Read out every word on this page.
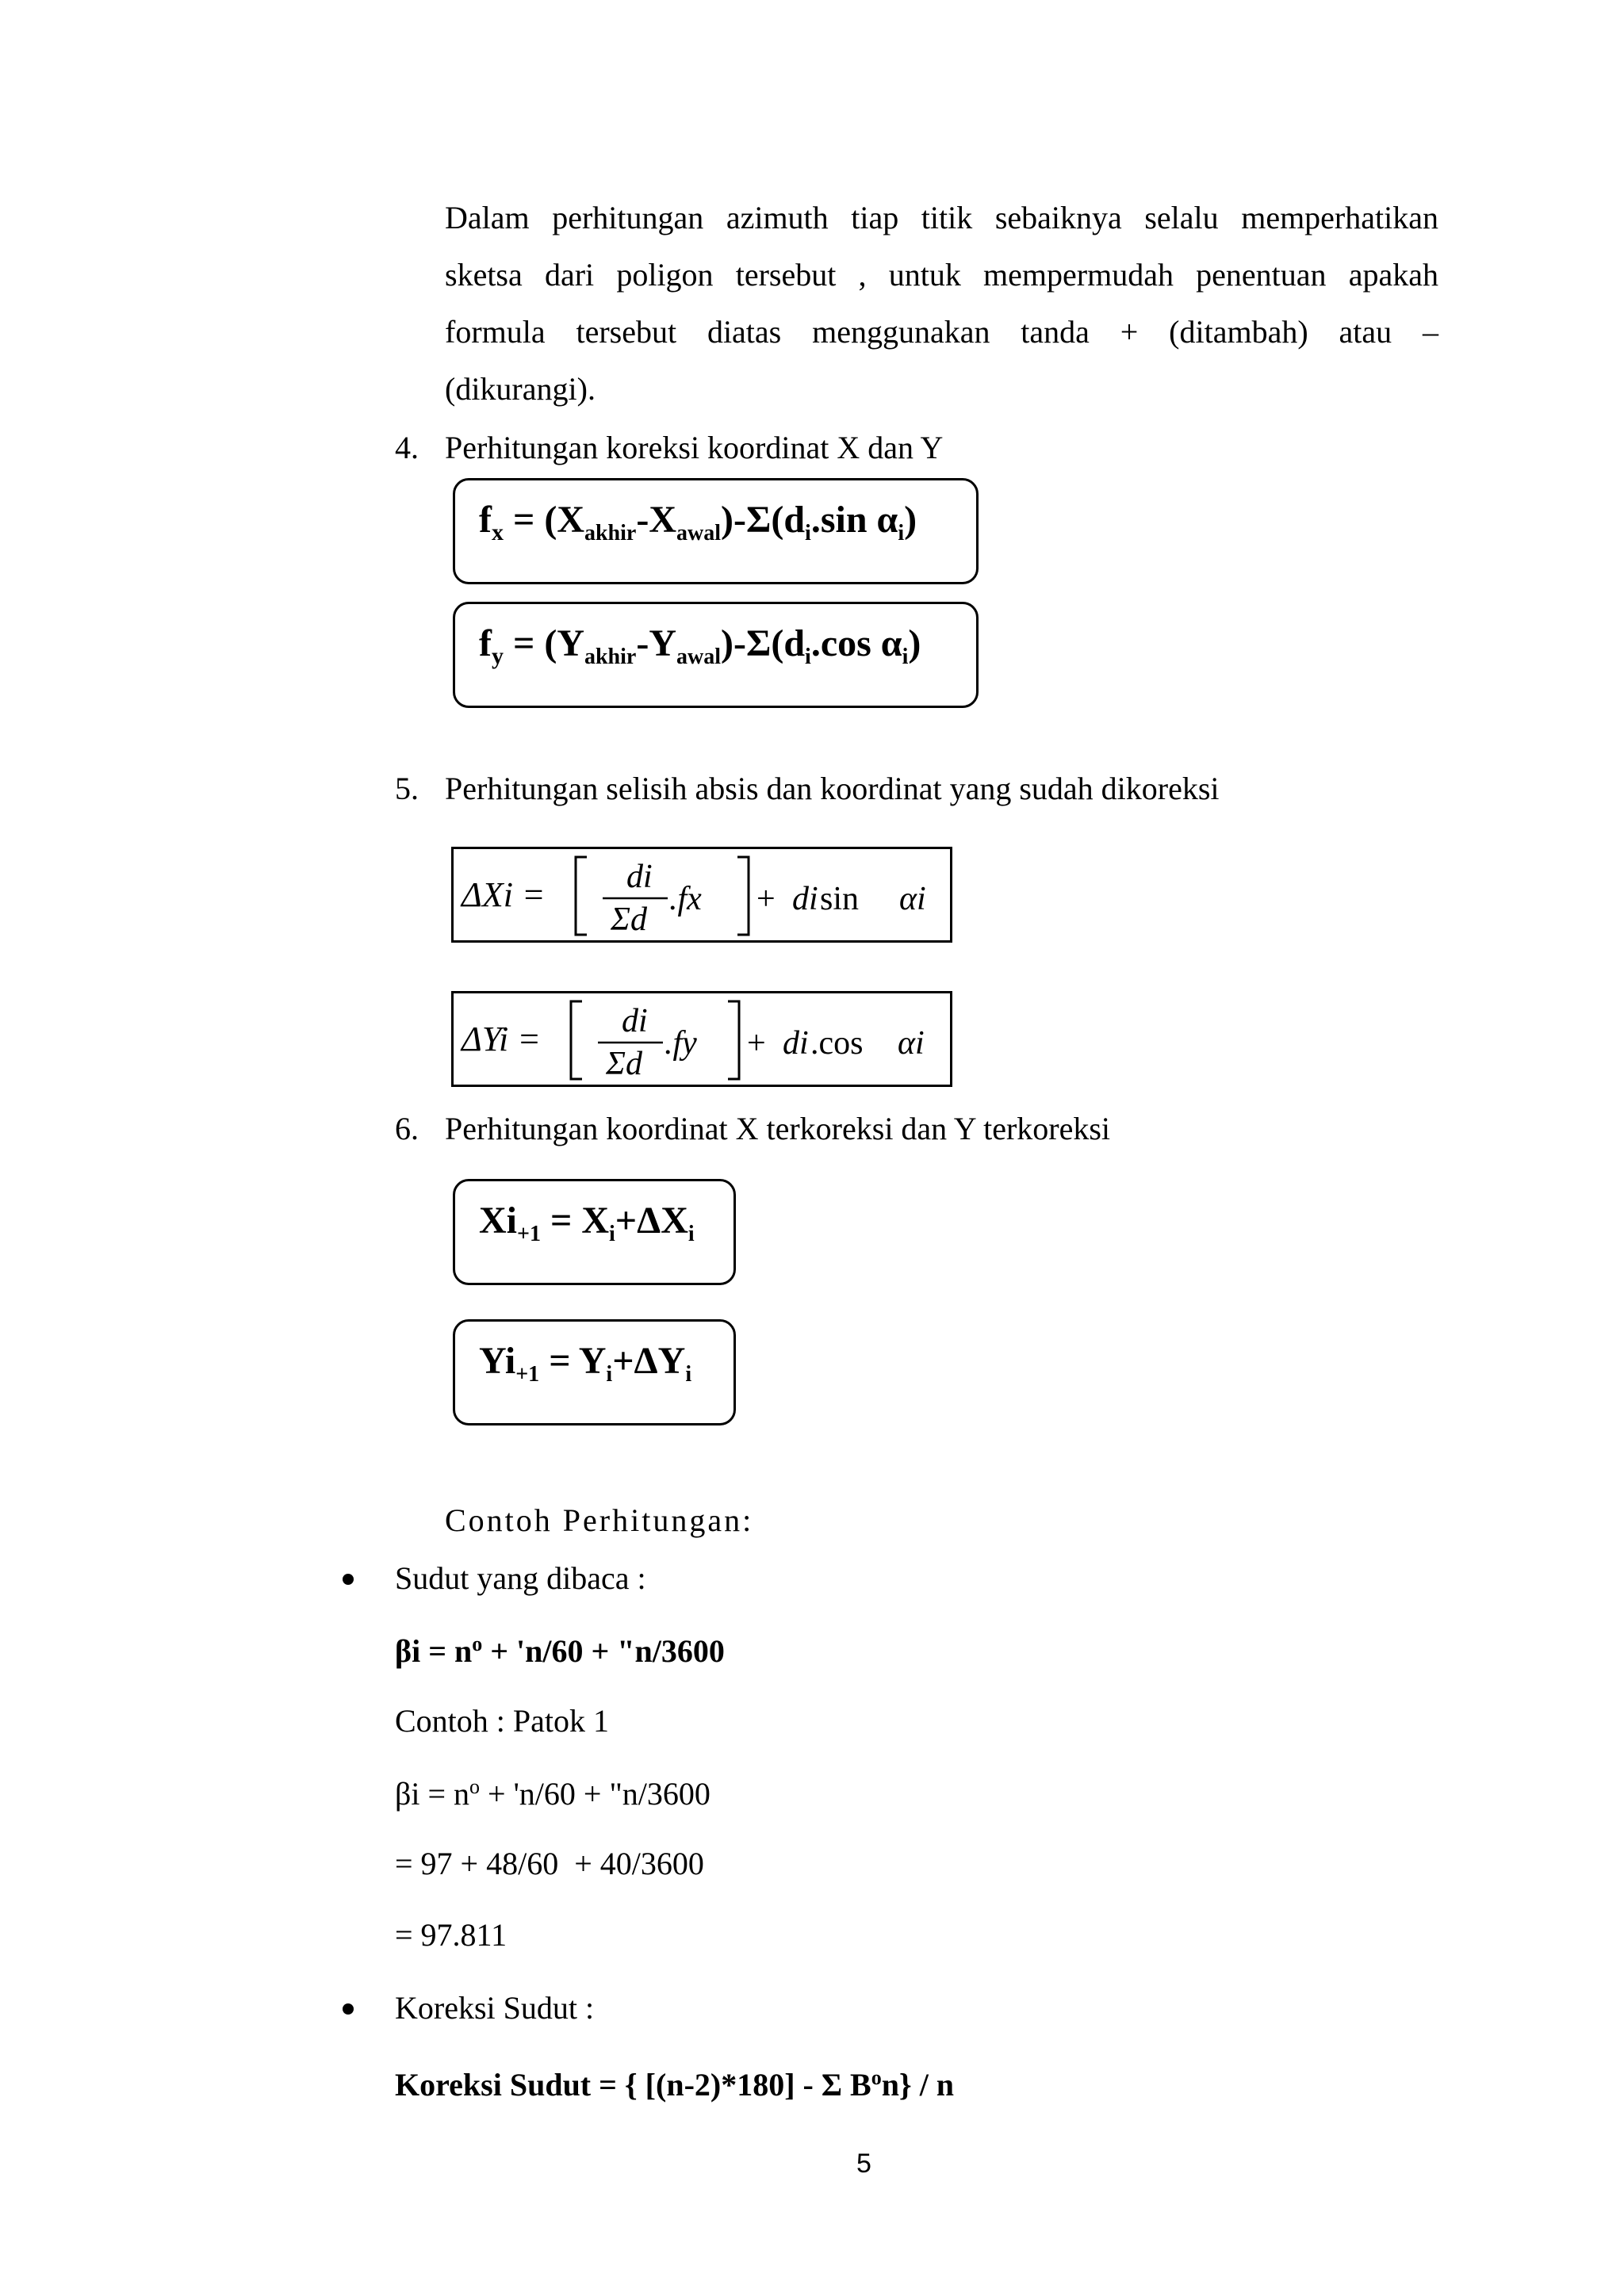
Dalam perhitungan azimuth tiap titik sebaiknya selalu memperhatikan
sketsa dari poligon tersebut , untuk mempermudah penentuan apakah
formula tersebut diatas menggunakan tanda + (ditambah) atau –
(dikurangi).
4. Perhitungan koreksi koordinat X dan Y
$f_x = (X_{akhir}-X_{awal})-\Sigma(d_i.\sin$ $\alpha_i$)
$f_y = (Y_{akhir}-Y_{awal})-\Sigma(d_i.\cos$ $\alpha_i$)
5. Perhitungan selisih absis dan koordinat yang sudah dikoreksi
ΔXi = di
Σd
.fx + di sin αi
ΔYi = di
Σd
.fy + di .cos αi
6. Perhitungan koordinat X terkoreksi dan Y terkoreksi
$Xi_{+1} = X_i+\Delta X_i$
$Yi_{+1} = Y_i+\Delta Y_i$
Contoh Perhitungan:
Sudut yang dibaca :
$\beta i = n^o$ + 'n/60 + "n/3600
Contoh : Patok 1
$\beta i = n^o$ + 'n/60 + "n/3600
= 97 + 48/60  + 40/3600
= 97.811
Koreksi Sudut :
Koreksi Sudut = { [(n-2)*180] - Σ $B^on$} / n
5
